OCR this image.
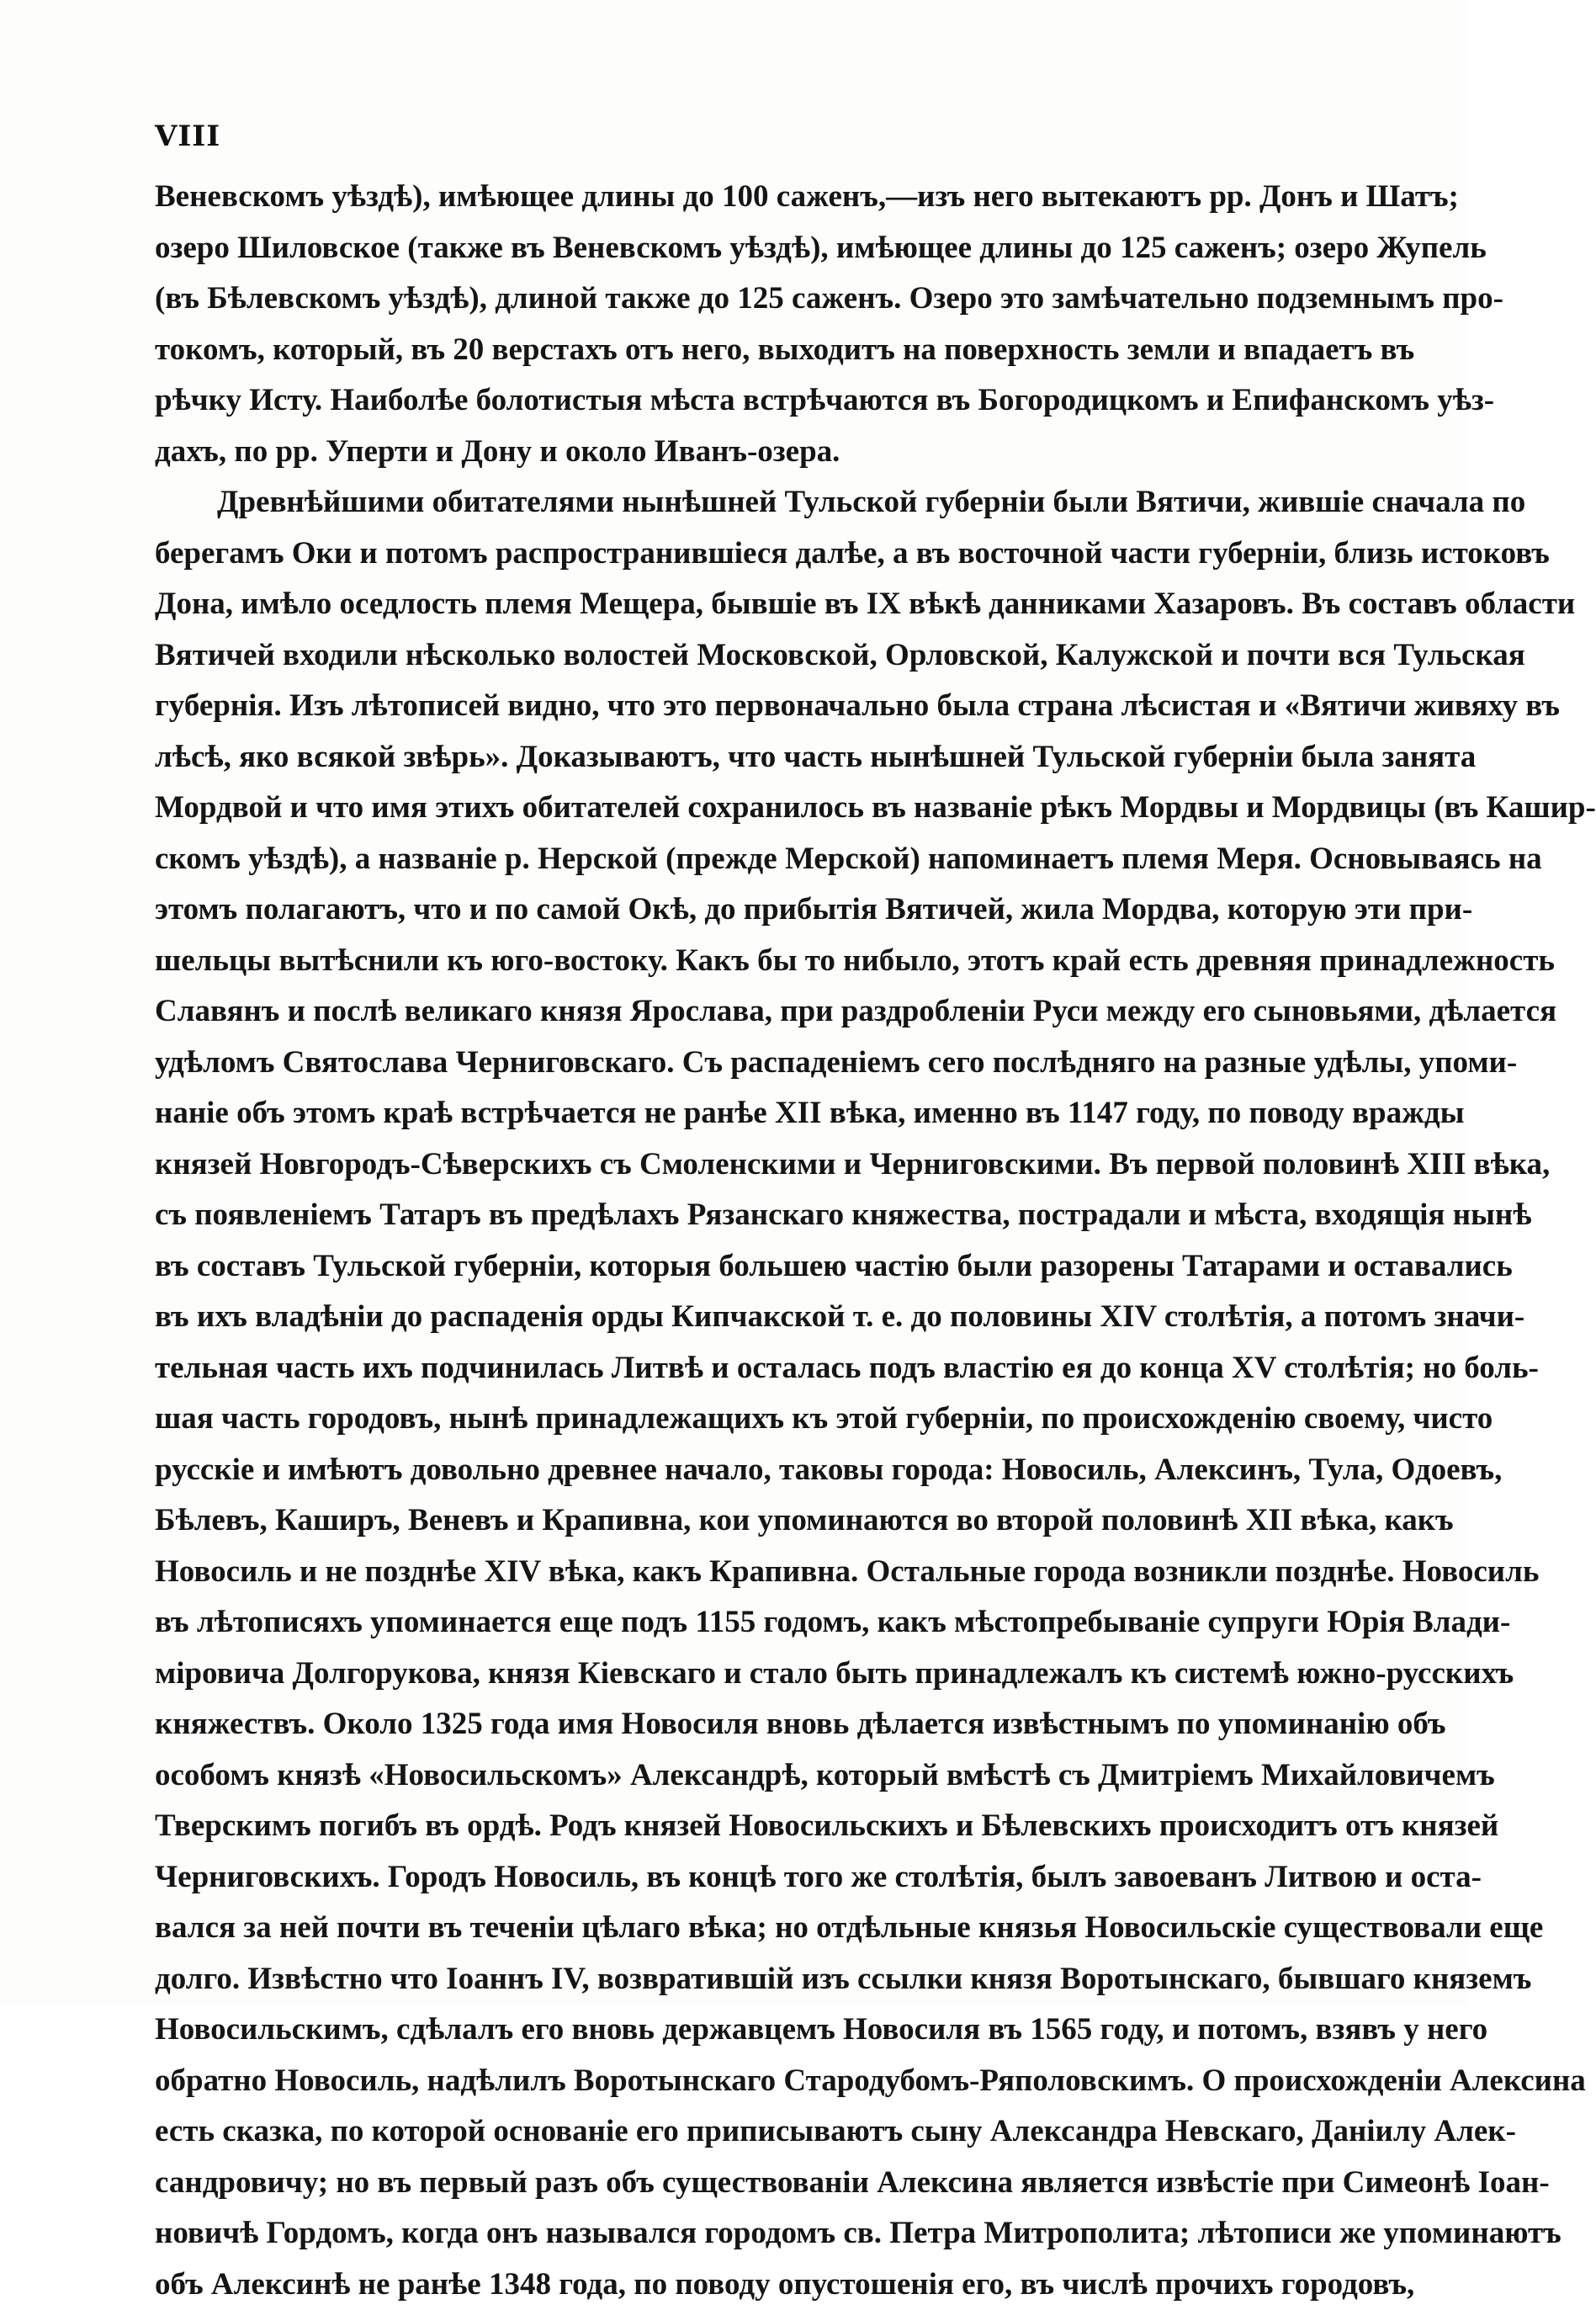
VIII
Веневскомъ уѣздѣ), имѣющее длины до 100 саженъ,—изъ него вытекаютъ рр. Донъ и Шатъ;
озеро Шиловское (также въ Веневскомъ уѣздѣ), имѣющее длины до 125 саженъ; озеро Жупель
(въ Бѣлевскомъ уѣздѣ), длиной также до 125 саженъ. Озеро это замѣчательно подземнымъ про-
токомъ, который, въ 20 верстахъ отъ него, выходитъ на поверхность земли и впадаетъ въ
рѣчку Исту. Наиболѣе болотистыя мѣста встрѣчаются въ Богородицкомъ и Епифанскомъ уѣз-
дахъ, по рр. Уперти и Дону и около Иванъ-озера.
Древнѣйшими обитателями нынѣшней Тульской губерніи были Вятичи, жившіе сначала по
берегамъ Оки и потомъ распространившіеся далѣе, а въ восточной части губерніи, близь истоковъ
Дона, имѣло оседлость племя Мещера, бывшіе въ IX вѣкѣ данниками Хазаровъ. Въ составъ области
Вятичей входили нѣсколько волостей Московской, Орловской, Калужской и почти вся Тульская
губернія. Изъ лѣтописей видно, что это первоначально была страна лѣсистая и «Вятичи живяху въ
лѣсѣ, яко всякой звѣрь». Доказываютъ, что часть нынѣшней Тульской губерніи была занята
Мордвой и что имя этихъ обитателей сохранилось въ названіе рѣкъ Мордвы и Мордвицы (въ Кашир-
скомъ уѣздѣ), а названіе р. Нерской (прежде Мерской) напоминаетъ племя Меря. Основываясь на
этомъ полагаютъ, что и по самой Окѣ, до прибытія Вятичей, жила Мордва, которую эти при-
шельцы вытѣснили къ юго-востоку. Какъ бы то нибыло, этотъ край есть древняя принадлежность
Славянъ и послѣ великаго князя Ярослава, при раздробленіи Руси между его сыновьями, дѣлается
удѣломъ Святослава Черниговскаго. Съ распаденіемъ сего послѣдняго на разные удѣлы, упоми-
наніе объ этомъ краѣ встрѣчается не ранѣе XII вѣка, именно въ 1147 году, по поводу вражды
князей Новгородъ-Сѣверскихъ съ Смоленскими и Черниговскими. Въ первой половинѣ XIII вѣка,
съ появленіемъ Татаръ въ предѣлахъ Рязанскаго княжества, пострадали и мѣста, входящія нынѣ
въ составъ Тульской губерніи, которыя большею частію были разорены Татарами и оставались
въ ихъ владѣніи до распаденія орды Кипчакской т. е. до половины XIV столѣтія, а потомъ значи-
тельная часть ихъ подчинилась Литвѣ и осталась подъ властію ея до конца XV столѣтія; но боль-
шая часть городовъ, нынѣ принадлежащихъ къ этой губерніи, по происхожденію своему, чисто
русскіе и имѣютъ довольно древнее начало, таковы города: Новосиль, Алексинъ, Тула, Одоевъ,
Бѣлевъ, Каширъ, Веневъ и Крапивна, кои упоминаются во второй половинѣ XII вѣка, какъ
Новосиль и не позднѣе XIV вѣка, какъ Крапивна. Остальные города возникли позднѣе. Новосиль
въ лѣтописяхъ упоминается еще подъ 1155 годомъ, какъ мѣстопребываніе супруги Юрія Влади-
міровича Долгорукова, князя Кіевскаго и стало быть принадлежалъ къ системѣ южно-русскихъ
княжествъ. Около 1325 года имя Новосиля вновь дѣлается извѣстнымъ по упоминанію объ
особомъ князѣ «Новосильскомъ» Александрѣ, который вмѣстѣ съ Дмитріемъ Михайловичемъ
Тверскимъ погибъ въ ордѣ. Родъ князей Новосильскихъ и Бѣлевскихъ происходитъ отъ князей
Черниговскихъ. Городъ Новосиль, въ концѣ того же столѣтія, былъ завоеванъ Литвою и оста-
вался за ней почти въ теченіи цѣлаго вѣка; но отдѣльные князья Новосильскіе существовали еще
долго. Извѣстно что Іоаннъ IV, возвратившій изъ ссылки князя Воротынскаго, бывшаго княземъ
Новосильскимъ, сдѣлалъ его вновь державцемъ Новосиля въ 1565 году, и потомъ, взявъ у него
обратно Новосиль, надѣлилъ Воротынскаго Стародубомъ-Ряполовскимъ. О происхожденіи Алексина
есть сказка, по которой основаніе его приписываютъ сыну Александра Невскаго, Даніилу Алек-
сандровичу; но въ первый разъ объ существованіи Алексина является извѣстіе при Симеонѣ Іоан-
новичѣ Гордомъ, когда онъ назывался городомъ св. Петра Митрополита; лѣтописи же упоминаютъ
объ Алексинѣ не ранѣе 1348 года, по поводу опустошенія его, въ числѣ прочихъ городовъ,
